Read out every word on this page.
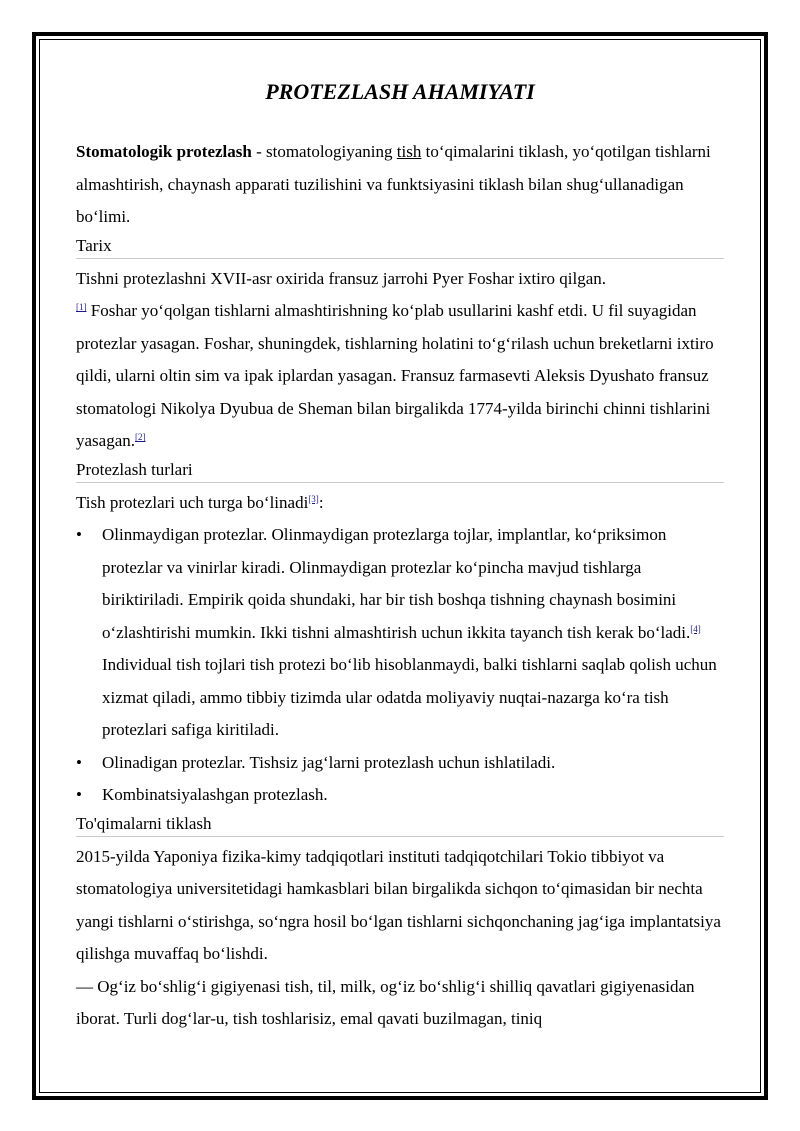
PROTEZLASH AHAMIYATI

Stomatologik protezlash - stomatologiyaning tish toʻqimalarini tiklash, yoʻqotilgan tishlarni almashtirish, chaynash apparati tuzilishini va funktsiyasini tiklash bilan shugʻullanadigan boʻlimi.

Tarix

Tishni protezlashni XVII-asr oxirida fransuz jarrohi Pyer Foshar ixtiro qilgan.
[1] Foshar yoʻqolgan tishlarni almashtirishning koʻplab usullarini kashf etdi. U fil suyagidan protezlar yasagan. Foshar, shuningdek, tishlarning holatini toʻgʻrilash uchun breketlarni ixtiro qildi, ularni oltin sim va ipak iplardan yasagan. Fransuz farmasevti Aleksis Dyushato fransuz stomatologi Nikolya Dyubua de Sheman bilan birgalikda 1774-yilda birinchi chinni tishlarini yasagan.[2]

Protezlash turlari

Tish protezlari uch turga boʻlinadi[3]:

•	Olinmaydigan protezlar. Olinmaydigan protezlarga tojlar, implantlar, koʻpriksimon protezlar va vinirlar kiradi. Olinmaydigan protezlar koʻpincha mavjud tishlarga biriktiriladi. Empirik qoida shundaki, har bir tish boshqa tishning chaynash bosimini oʻzlashtirishi mumkin. Ikki tishni almashtirish uchun ikkita tayanch tish kerak boʻladi.[4] Individual tish tojlari tish protezi boʻlib hisoblanmaydi, balki tishlarni saqlab qolish uchun xizmat qiladi, ammo tibbiy tizimda ular odatda moliyaviy nuqtai-nazarga koʻra tish protezlari safiga kiritiladi.
•	Olinadigan protezlar. Tishsiz jagʻlarni protezlash uchun ishlatiladi.
•	Kombinatsiyalashgan protezlash.
To'qimalarni tiklash

2015-yilda Yaponiya fizika-kimy tadqiqotlari instituti tadqiqotchilari Tokio tibbiyot va stomatologiya universitetidagi hamkasblari bilan birgalikda sichqon toʻqimasidan bir nechta yangi tishlarni oʻstirishga, soʻngra hosil boʻlgan tishlarni sichqonchaning jagʻiga implantatsiya qilishga muvaffaq boʻlishdi.

— Ogʻiz boʻshligʻi gigiyenasi tish, til, milk, ogʻiz boʻshligʻi shilliq qavatlari gigiyenasidan iborat. Turli dogʻlar-u, tish toshlarisiz, emal qavati buzilmagan, tiniq
